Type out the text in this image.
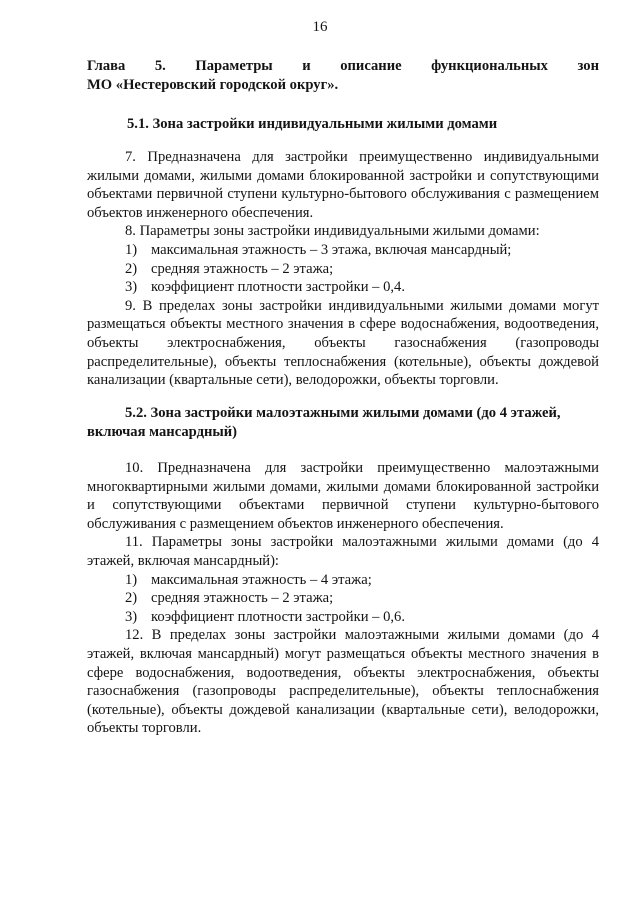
16
Глава 5. Параметры и описание функциональных зон
МО «Нестеровский городской округ».
5.1. Зона застройки индивидуальными жилыми домами

7. Предназначена для застройки преимущественно индивидуальными жилыми домами, жилыми домами блокированной застройки и сопутствующими объектами первичной ступени культурно-бытового обслуживания с размещением объектов инженерного обеспечения.

8. Параметры зоны застройки индивидуальными жилыми домами:

1) максимальная этажность – 3 этажа, включая мансардный;

2) средняя этажность – 2 этажа;

3) коэффициент плотности застройки – 0,4.

9. В пределах зоны застройки индивидуальными жилыми домами могут размещаться объекты местного значения в сфере водоснабжения, водоотведения, объекты электроснабжения, объекты газоснабжения (газопроводы распределительные), объекты теплоснабжения (котельные), объекты дождевой канализации (квартальные сети), велодорожки, объекты торговли.

5.2. Зона застройки малоэтажными жилыми домами (до 4 этажей, включая мансардный)

10. Предназначена для застройки преимущественно малоэтажными многоквартирными жилыми домами, жилыми домами блокированной застройки и сопутствующими объектами первичной ступени культурно-бытового обслуживания с размещением объектов инженерного обеспечения.

11. Параметры зоны застройки малоэтажными жилыми домами (до 4 этажей, включая мансардный):

1) максимальная этажность – 4 этажа;

2) средняя этажность – 2 этажа;

3) коэффициент плотности застройки – 0,6.

12. В пределах зоны застройки малоэтажными жилыми домами (до 4 этажей, включая мансардный) могут размещаться объекты местного значения в сфере водоснабжения, водоотведения, объекты электроснабжения, объекты газоснабжения (газопроводы распределительные), объекты теплоснабжения (котельные), объекты дождевой канализации (квартальные сети), велодорожки, объекты торговли.
